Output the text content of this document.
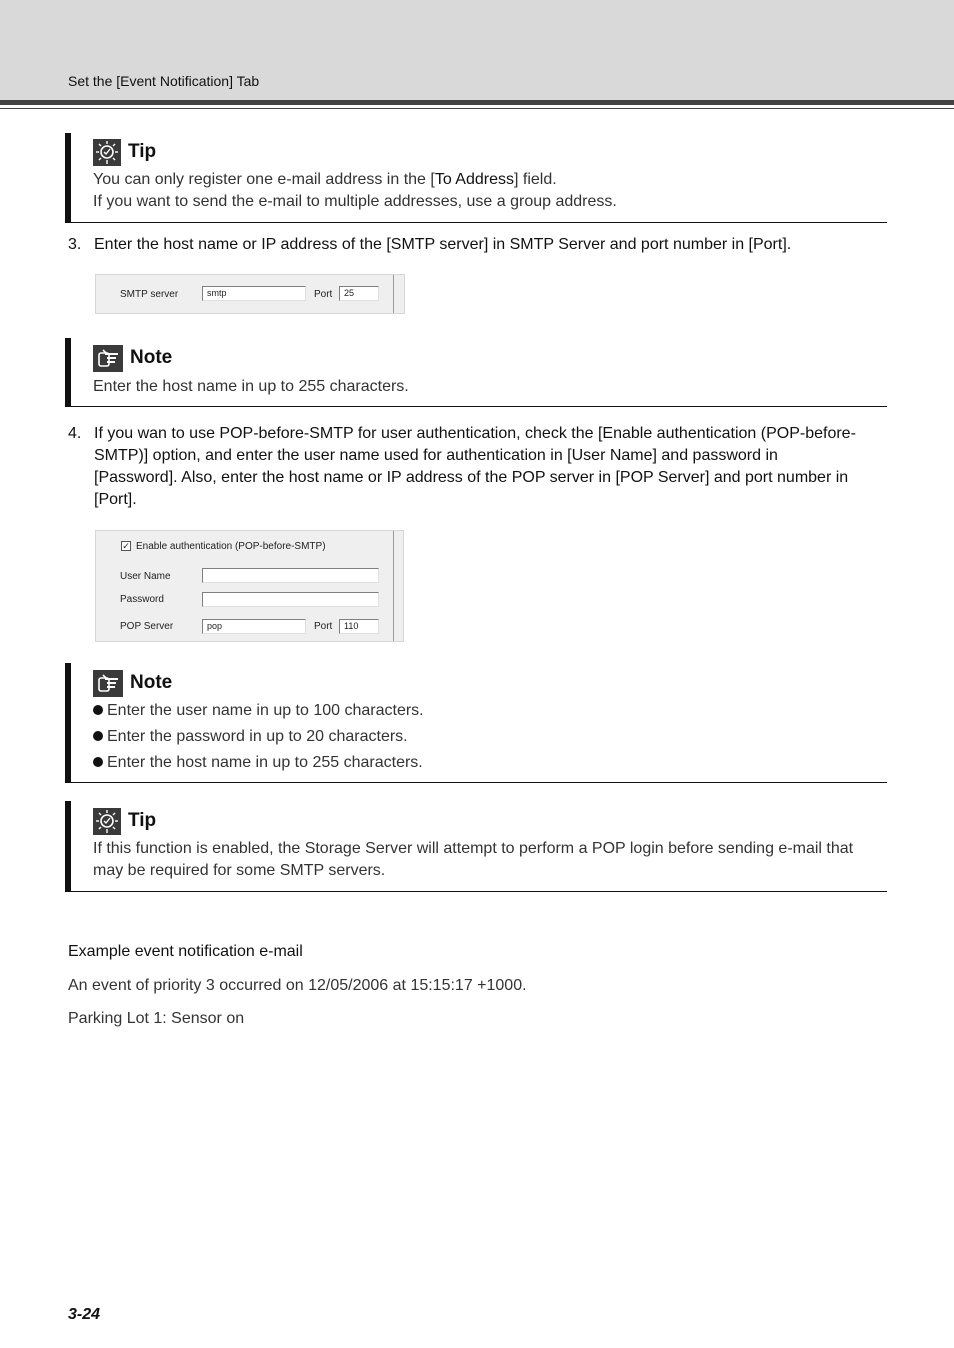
Set the [Event Notification] Tab
Tip

You can only register one e-mail address in the [To Address] field.

If you want to send the e-mail to multiple addresses, use a group address.

3. Enter the host name or IP address of the [SMTP server] in SMTP Server and port number in [Port].
SMTP server	smtp	Port	25
Note

Enter the host name in up to 255 characters.

4. If you wan to use POP-before-SMTP for user authentication, check the [Enable authentication (POP-before-
SMTP)] option, and enter the user name used for authentication in [User Name] and password in
[Password]. Also, enter the host name or IP address of the POP server in [POP Server] and port number in
[Port].
✓ Enable authentication (POP-before-SMTP)
User Name
Password
POP Server	pop	Port	110
Note
Enter the user name in up to 100 characters.
Enter the password in up to 20 characters.
Enter the host name in up to 255 characters.
Tip

If this function is enabled, the Storage Server will attempt to perform a POP login before sending e-mail that

may be required for some SMTP servers.

Example event notification e-mail
An event of priority 3 occurred on 12/05/2006 at 15:15:17 +1000.
Parking Lot 1: Sensor on
3-24
